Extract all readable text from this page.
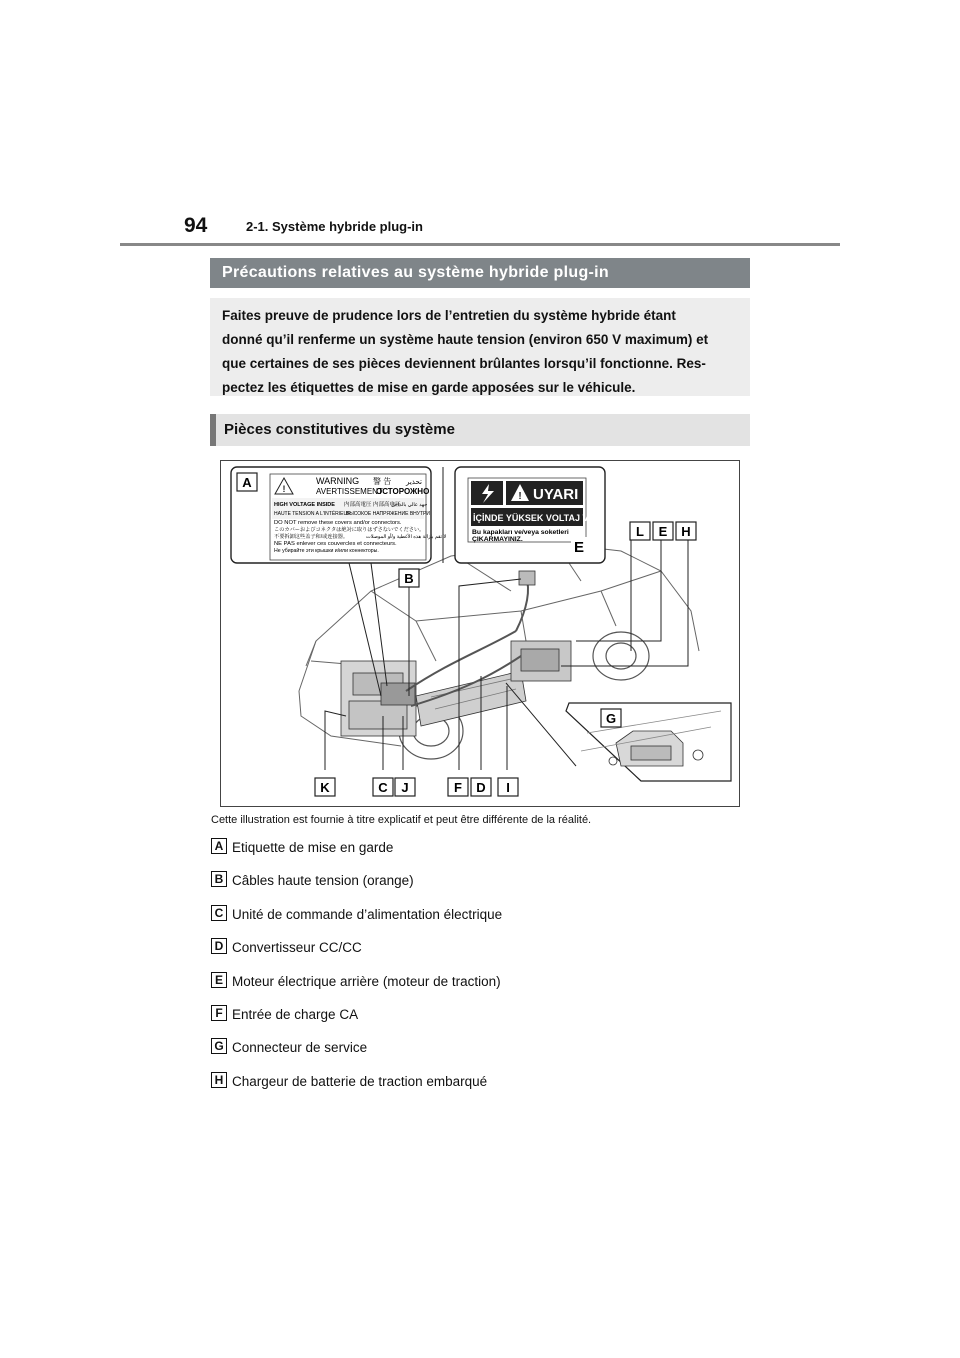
94	2-1. Système hybride plug-in
Précautions relatives au système hybride plug-in
Faites preuve de prudence lors de l’entretien du système hybride étant
donné qu’il renferme un système haute tension (environ 650 V maximum) et
que certaines de ses pièces deviennent brûlantes lorsqu’il fonctionne. Res-
pectez les étiquettes de mise en garde apposées sur le véhicule.
Pièces constitutives du système
!
WARNING 警 告 تحذير
AVERTISSEMENT
ОСТОРОЖНО
HIGH VOLTAGE INSIDE 内部高電圧 内部高电压
جهد عالي بالداخل
HAUTE TENSION A L'INTÉRIEUR
ВЫСОКОЕ НАПРЯЖЕНИЕ ВНУТРИ
DO NOT remove these covers and/or connectors.
このカバーおよびコネクタは絶対に取りはずさないでください。
不要拆卸这些盖子和/或连接器。	لا تقم بإزالة هذه الأغطية و/أو الموصلات
NE PAS enlever ces couvercles et connecteurs.
Не убирайте эти крышки и/или коннекторы.
! UYARI
İÇİNDE YÜKSEK VOLTAJ VAR
Bu kapakları ve/veya soketleri
ÇIKARMAYINIZ.
A
B
E
L E H
G
K	C J	F D I
Cette illustration est fournie à titre explicatif et peut être différente de la réalité.
A Etiquette de mise en garde
B Câbles haute tension (orange)
C Unité de commande d’alimentation électrique
D Convertisseur CC/CC
E Moteur électrique arrière (moteur de traction)
F Entrée de charge CA
G Connecteur de service
H Chargeur de batterie de traction embarqué
